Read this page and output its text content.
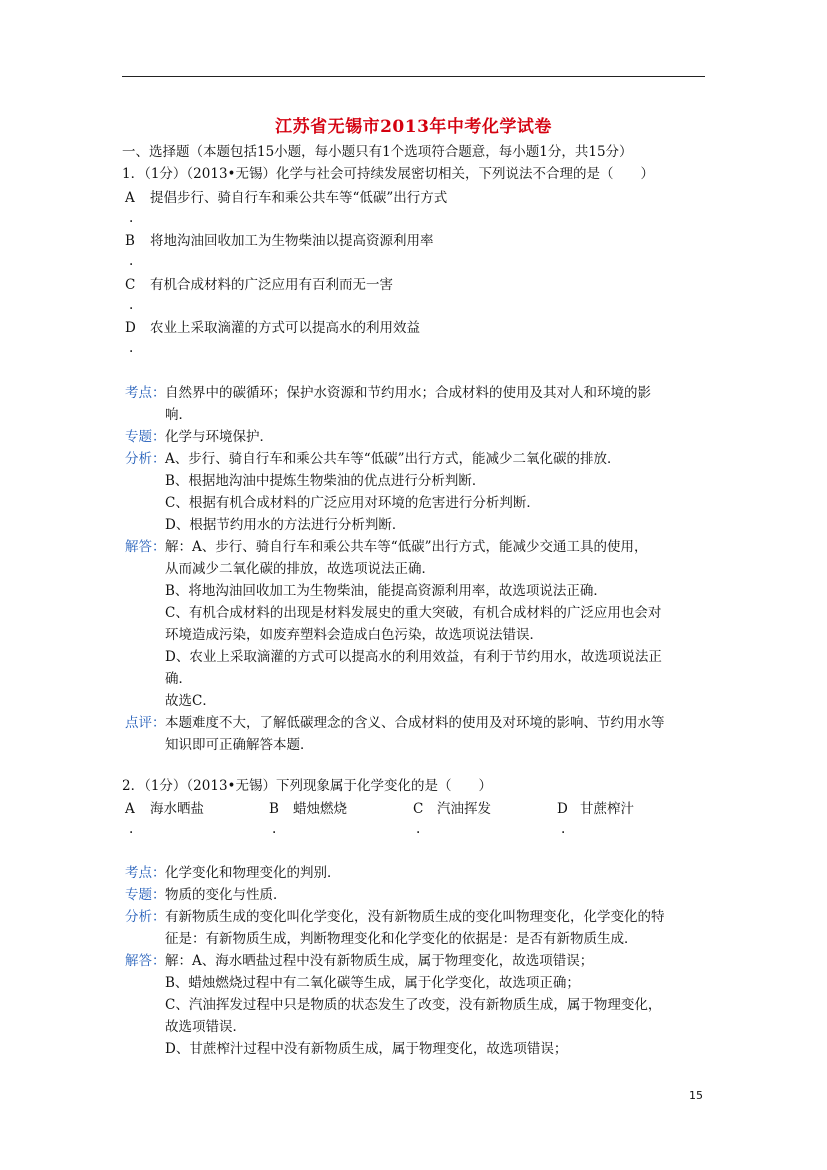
江苏省无锡市2013年中考化学试卷
一、选择题（本题包括15小题，每小题只有1个选项符合题意，每小题1分，共15分）
1．（1分）（2013•无锡）化学与社会可持续发展密切相关，下列说法不合理的是（　　）
A 提倡步行、骑自行车和乘公共车等“低碳”出行方式
.
B 将地沟油回收加工为生物柴油以提高资源利用率
.
C 有机合成材料的广泛应用有百利而无一害
.
D 农业上采取滴灌的方式可以提高水的利用效益
.
考点： 自然界中的碳循环；保护水资源和节约用水；合成材料的使用及其对人和环境的影
响．
专题： 化学与环境保护．
分析： A、步行、骑自行车和乘公共车等“低碳”出行方式，能减少二氧化碳的排放．
B、根据地沟油中提炼生物柴油的优点进行分析判断．
C、根据有机合成材料的广泛应用对环境的危害进行分析判断．
D、根据节约用水的方法进行分析判断．
解答： 解：A、步行、骑自行车和乘公共车等“低碳”出行方式，能减少交通工具的使用，
从而减少二氧化碳的排放，故选项说法正确．
B、将地沟油回收加工为生物柴油，能提高资源利用率，故选项说法正确．
C、有机合成材料的出现是材料发展史的重大突破，有机合成材料的广泛应用也会对
环境造成污染，如废弃塑料会造成白色污染，故选项说法错误．
D、农业上采取滴灌的方式可以提高水的利用效益，有利于节约用水，故选项说法正
确．
故选C．
点评： 本题难度不大，了解低碳理念的含义、合成材料的使用及对环境的影响、节约用水等
知识即可正确解答本题．
2．（1分）（2013•无锡）下列现象属于化学变化的是（　　）
A 海水晒盐
.
B 蜡烛燃烧
.
C 汽油挥发
.
D 甘蔗榨汁
.
考点： 化学变化和物理变化的判别．
专题： 物质的变化与性质．
分析： 有新物质生成的变化叫化学变化，没有新物质生成的变化叫物理变化，化学变化的特
征是：有新物质生成，判断物理变化和化学变化的依据是：是否有新物质生成．
解答： 解：A、海水晒盐过程中没有新物质生成，属于物理变化，故选项错误；
B、蜡烛燃烧过程中有二氧化碳等生成，属于化学变化，故选项正确；
C、汽油挥发过程中只是物质的状态发生了改变，没有新物质生成，属于物理变化，
故选项错误．
D、甘蔗榨汁过程中没有新物质生成，属于物理变化，故选项错误；
15
